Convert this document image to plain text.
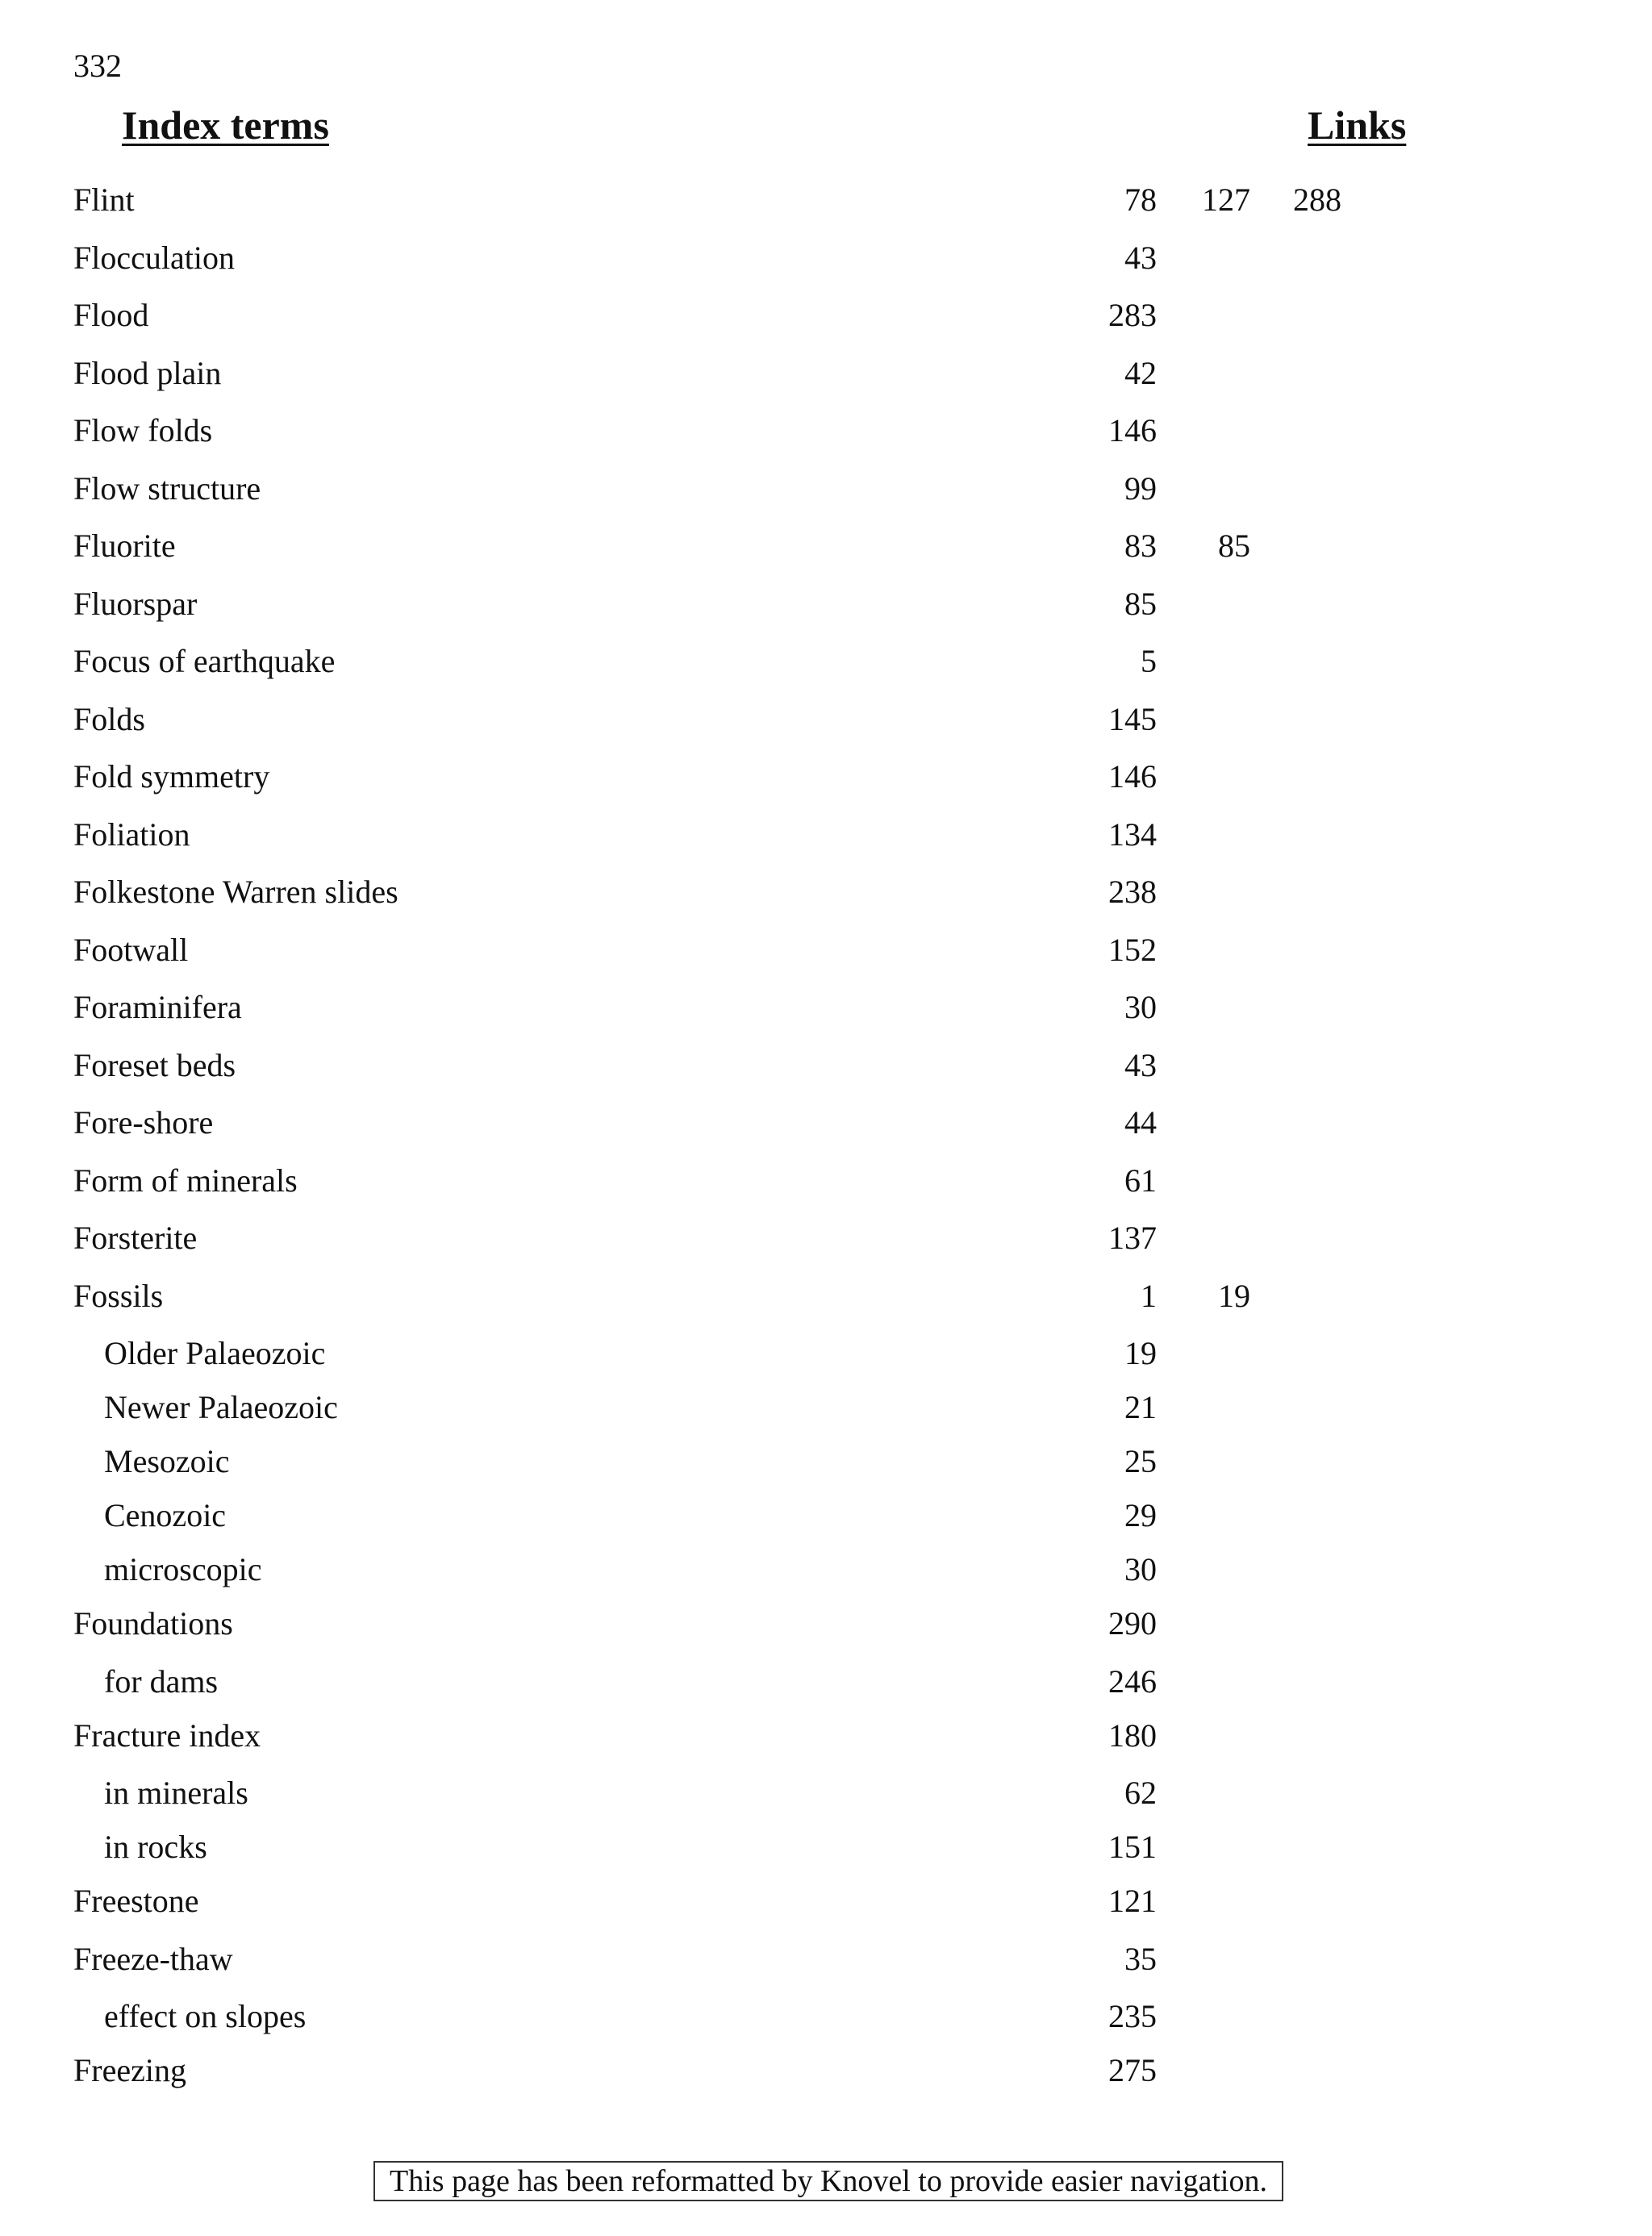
332
Index terms	Links
Flint	78	127	288
Flocculation	43
Flood	283
Flood plain	42
Flow folds	146
Flow structure	99
Fluorite	83	85
Fluorspar	85
Focus of earthquake	5
Folds	145
Fold symmetry	146
Foliation	134
Folkestone Warren slides	238
Footwall	152
Foraminifera	30
Foreset beds	43
Fore-shore	44
Form of minerals	61
Forsterite	137
Fossils	1	19
Older Palaeozoic	19
Newer Palaeozoic	21
Mesozoic	25
Cenozoic	29
microscopic	30
Foundations	290
for dams	246
Fracture index	180
in minerals	62
in rocks	151
Freestone	121
Freeze-thaw	35
effect on slopes	235
Freezing	275
This page has been reformatted by Knovel to provide easier navigation.
